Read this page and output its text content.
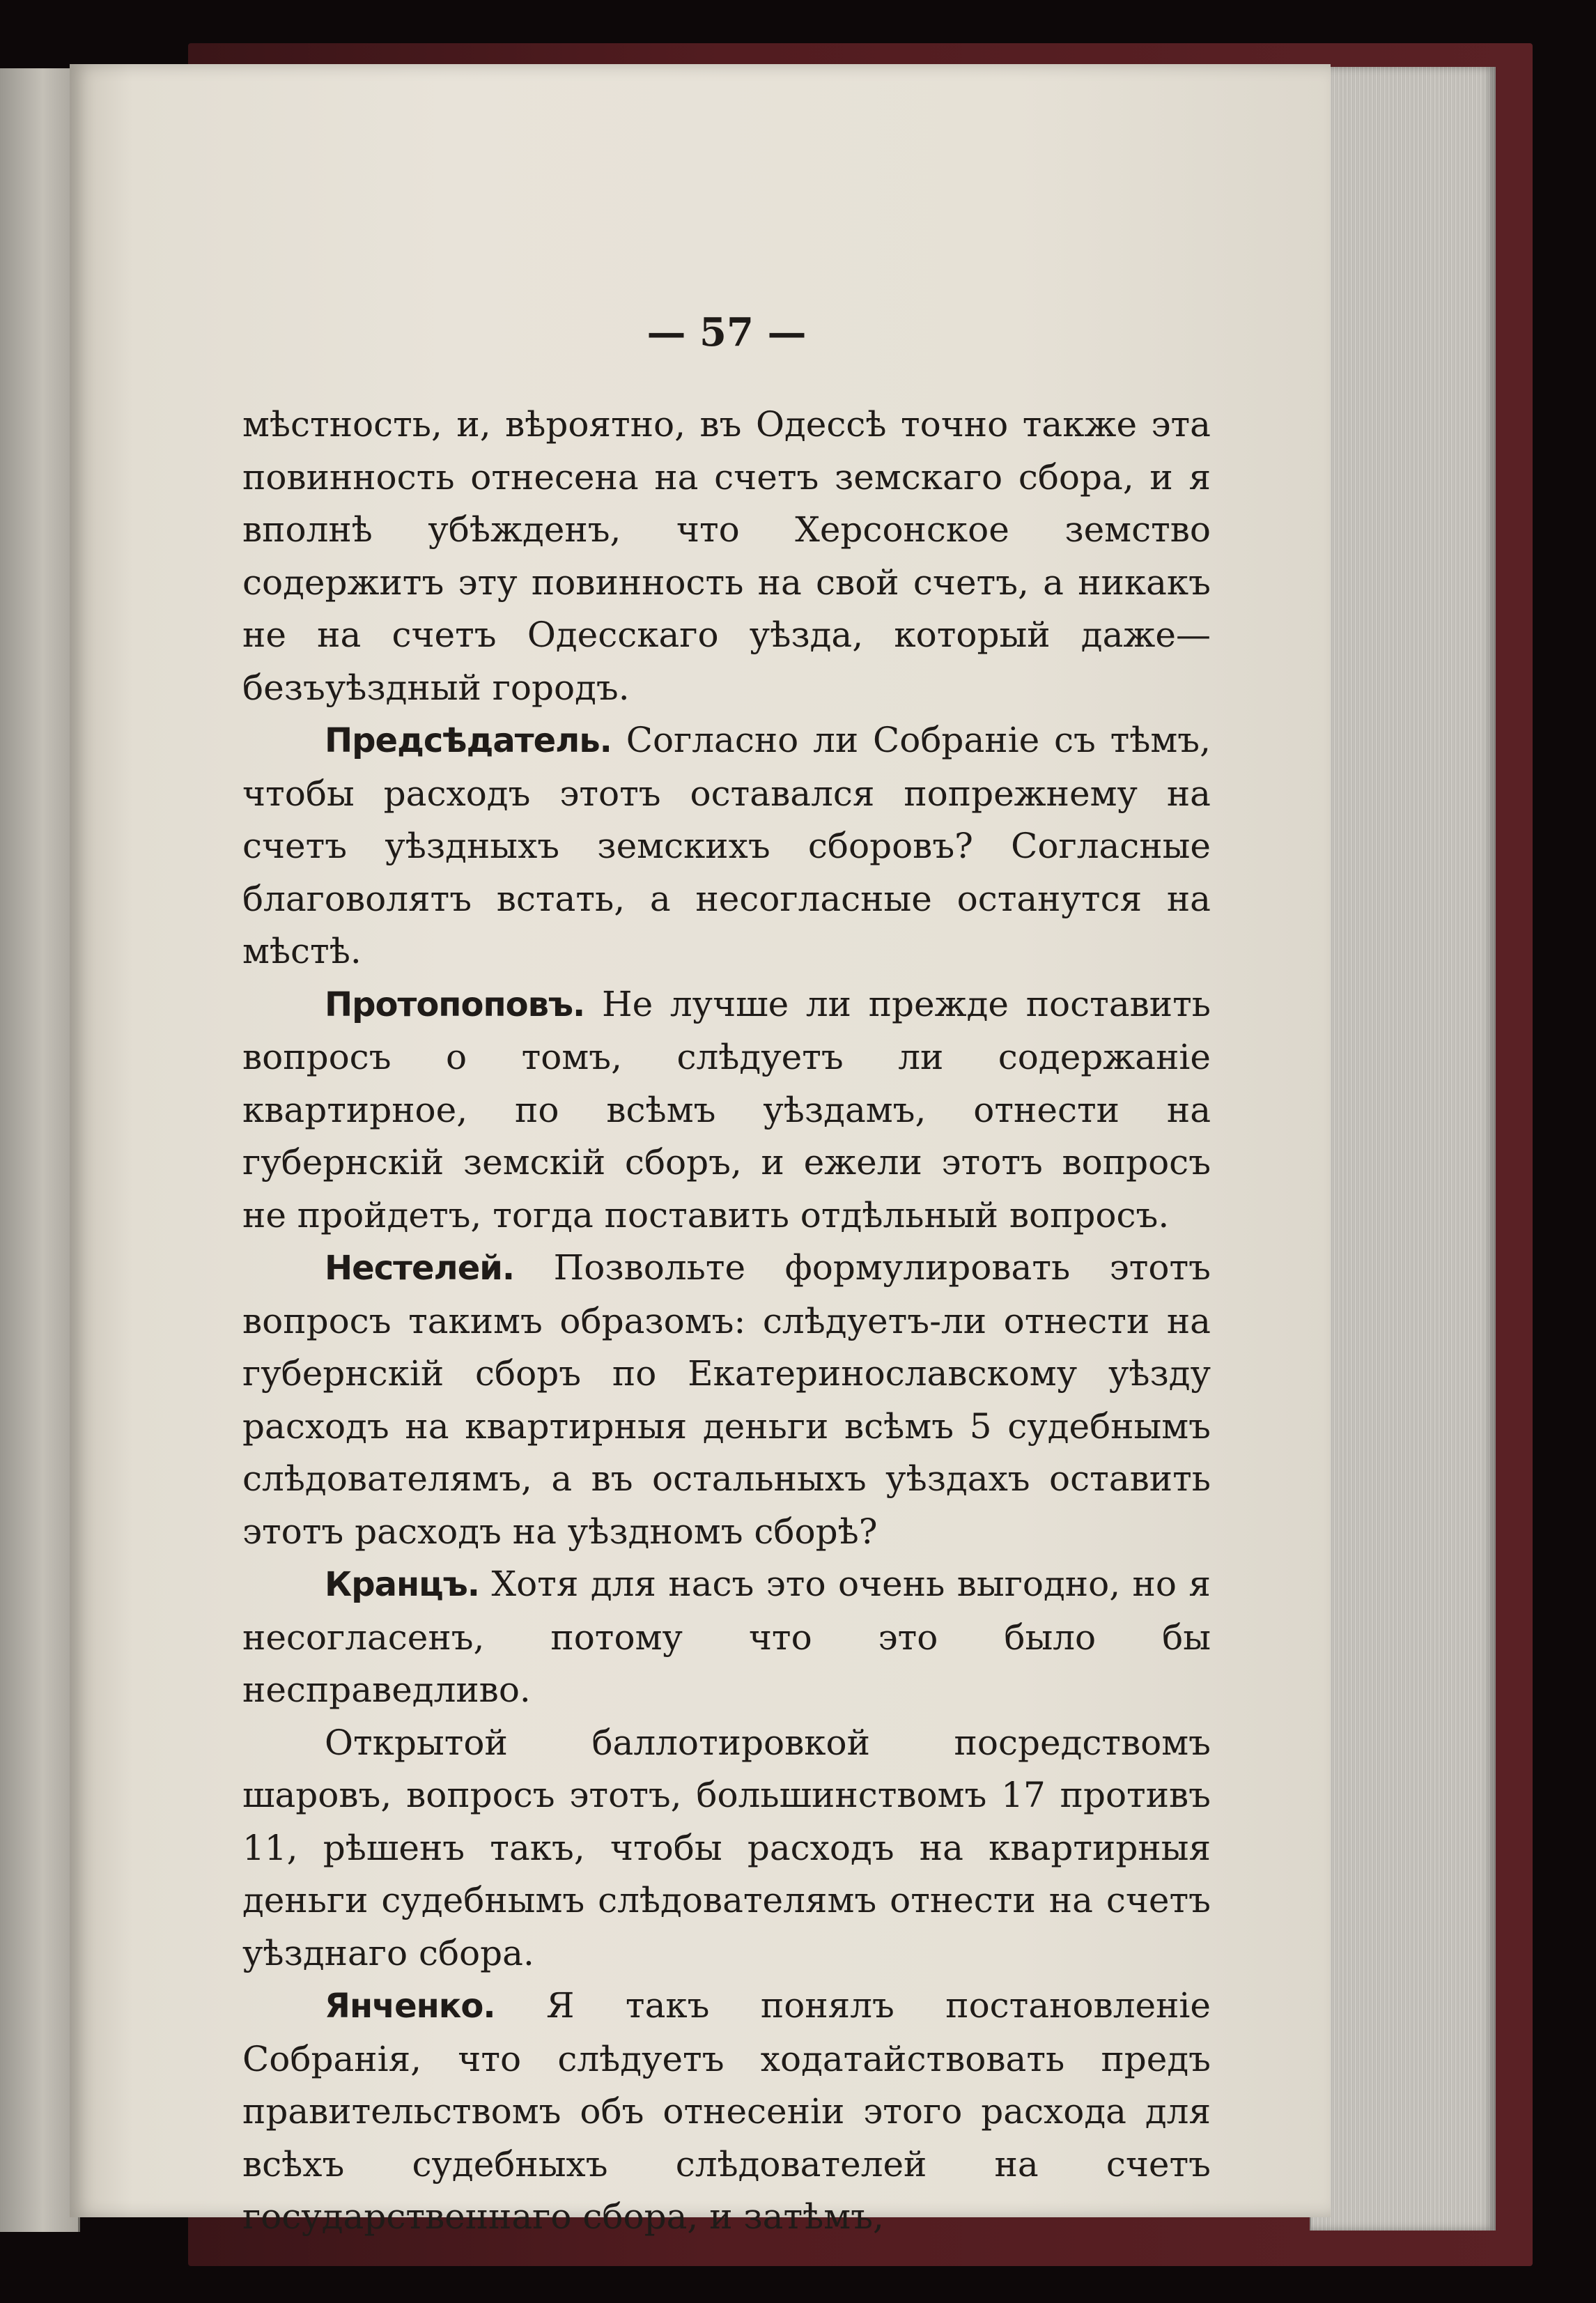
— 57 —

мѣстность, и, вѣроятно, въ Одессѣ точно также эта повинность отнесена на счетъ земскаго сбора, и я вполнѣ убѣжденъ, что Херсонское земство содержитъ эту повинность на свой счетъ, а никакъ не на счетъ Одесскаго уѣзда, который даже—безъуѣздный городъ.

Предсѣдатель. Согласно ли Собраніе съ тѣмъ, чтобы расходъ этотъ оставался попрежнему на счетъ уѣздныхъ земскихъ сборовъ? Согласные благоволятъ встать, а несогласные останутся на мѣстѣ.

Протопоповъ. Не лучше ли прежде поставить вопросъ о томъ, слѣдуетъ ли содержаніе квартирное, по всѣмъ уѣздамъ, отнести на губернскій земскій сборъ, и ежели этотъ вопросъ не пройдетъ, тогда поставить отдѣльный вопросъ.

Нестелей. Позвольте формулировать этотъ вопросъ такимъ образомъ: слѣдуетъ-ли отнести на губернскій сборъ по Екатеринославскому уѣзду расходъ на квартирныя деньги всѣмъ 5 судебнымъ слѣдователямъ, а въ остальныхъ уѣздахъ оставить этотъ расходъ на уѣздномъ сборѣ?

Кранцъ. Хотя для насъ это очень выгодно, но я несогласенъ, потому что это было бы несправедливо.

Открытой баллотировкой посредствомъ шаровъ, вопросъ этотъ, большинствомъ 17 противъ 11, рѣшенъ такъ, чтобы расходъ на квартирныя деньги судебнымъ слѣдователямъ отнести на счетъ уѣзднаго сбора.

Янченко. Я такъ понялъ постановленіе Собранія, что слѣдуетъ ходатайствовать предъ правительствомъ объ отнесеніи этого расхода для всѣхъ судебныхъ слѣдователей на счетъ государственнаго сбора, и затѣмъ,
